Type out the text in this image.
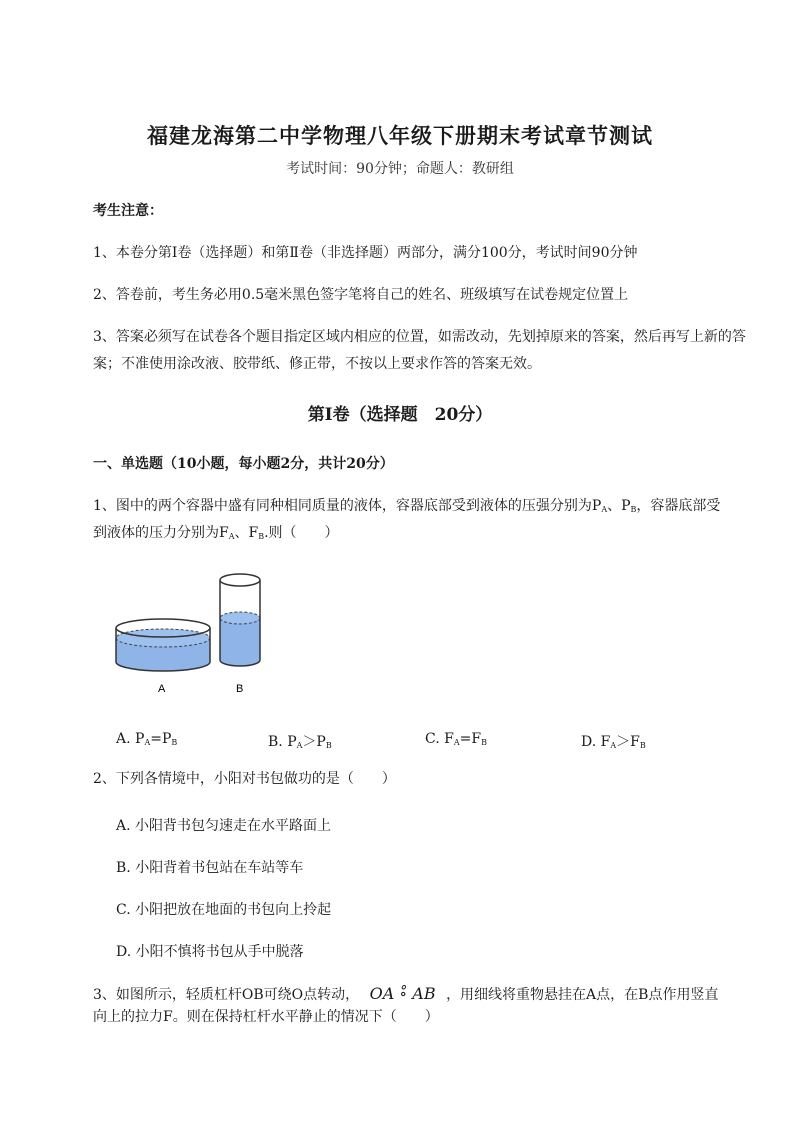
福建龙海第二中学物理八年级下册期末考试章节测试
考试时间：90分钟；命题人：教研组
考生注意：
1、本卷分第I卷（选择题）和第Ⅱ卷（非选择题）两部分，满分100分，考试时间90分钟
2、答卷前，考生务必用0.5毫米黑色签字笔将自己的姓名、班级填写在试卷规定位置上
3、答案必须写在试卷各个题目指定区域内相应的位置，如需改动，先划掉原来的答案，然后再写上新的答案；不准使用涂改液、胶带纸、修正带，不按以上要求作答的答案无效。
第I卷（选择题　20分）
一、单选题（10小题，每小题2分，共计20分）
1、图中的两个容器中盛有同种相同质量的液体，容器底部受到液体的压强分别为$P_A$、$P_B$，容器底部受
到液体的压力分别为$F_A$、$F_B$.则（　　）
A	B
A. $P_A=P_B$	B. $P_A>P_B$	C. $F_A=F_B$	D. $F_A>F_B$
2、下列各情境中，小阳对书包做功的是（　　）
A. 小阳背书包匀速走在水平路面上
B. 小阳背着书包站在车站等车
C. 小阳把放在地面的书包向上拎起
D. 小阳不慎将书包从手中脱落
3、如图所示，轻质杠杆OB可绕O点转动， OA ∘̊ AB ，用细线将重物悬挂在A点，在B点作用竖直
向上的拉力F。则在保持杠杆水平静止的情况下（　　）
